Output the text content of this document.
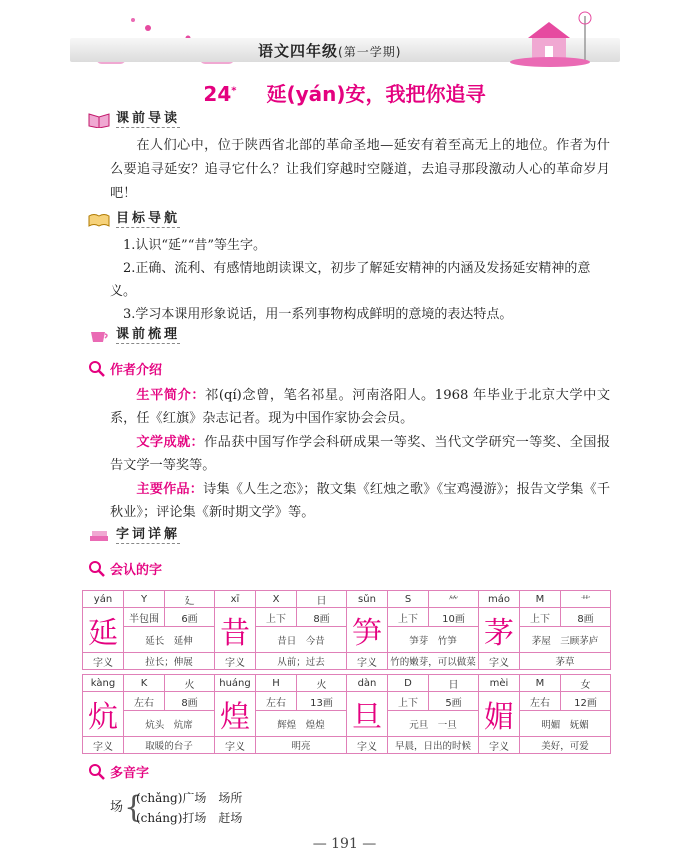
语文四年级(第一学期)
24* 延(yán)安，我把你追寻
课前导读
在人们心中，位于陕西省北部的革命圣地—延安有着至高无上的地位。作者为什么要追寻延安？追寻它什么？让我们穿越时空隧道，去追寻那段激动人心的革命岁月吧！
目标导航

1.认识“延”“昔”等生字。

2.正确、流利、有感情地朗读课文，初步了解延安精神的内涵及发扬延安精神的意义。

3.学习本课用形象说话，用一系列事物构成鲜明的意境的表达特点。

课前梳理
作者介绍

生平简介：祁(qí)念曾，笔名祁星。河南洛阳人。1968 年毕业于北京大学中文系，任《红旗》杂志记者。现为中国作家协会会员。

文学成就：作品获中国写作学会科研成果一等奖、当代文学研究一等奖、全国报告文学一等奖等。

主要作品：诗集《人生之恋》；散文集《红烛之歌》《宝鸡漫游》；报告文学集《千秋业》；评论集《新时期文学》等。

字词详解
会认的字
yán	Y	廴	xī	X	日	sǔn	S	⺮	máo	M	艹
延	半包围	6画	昔	上下	8画	笋	上下	10画	茅	上下	8画
	延长　延伸			昔日　今昔			笋芽　竹笋			茅屋　三顾茅庐	
字义	拉长；伸展		字义	从前；过去		字义	竹的嫩芽，可以做菜		字义	茅草	
kàng	K	火	huáng	H	火	dàn	D	日	mèi	M	女
炕	左右	8画	煌	左右	13画	旦	上下	5画	媚	左右	12画
	炕头　炕席			辉煌　煌煌			元旦　一旦			明媚　妩媚	
字义	取暖的台子		字义	明亮		字义	早晨，日出的时候		字义	美好，可爱	
多音字
场 {
(chǎng)广场　场所
(cháng)打场　赶场
— 191 —
